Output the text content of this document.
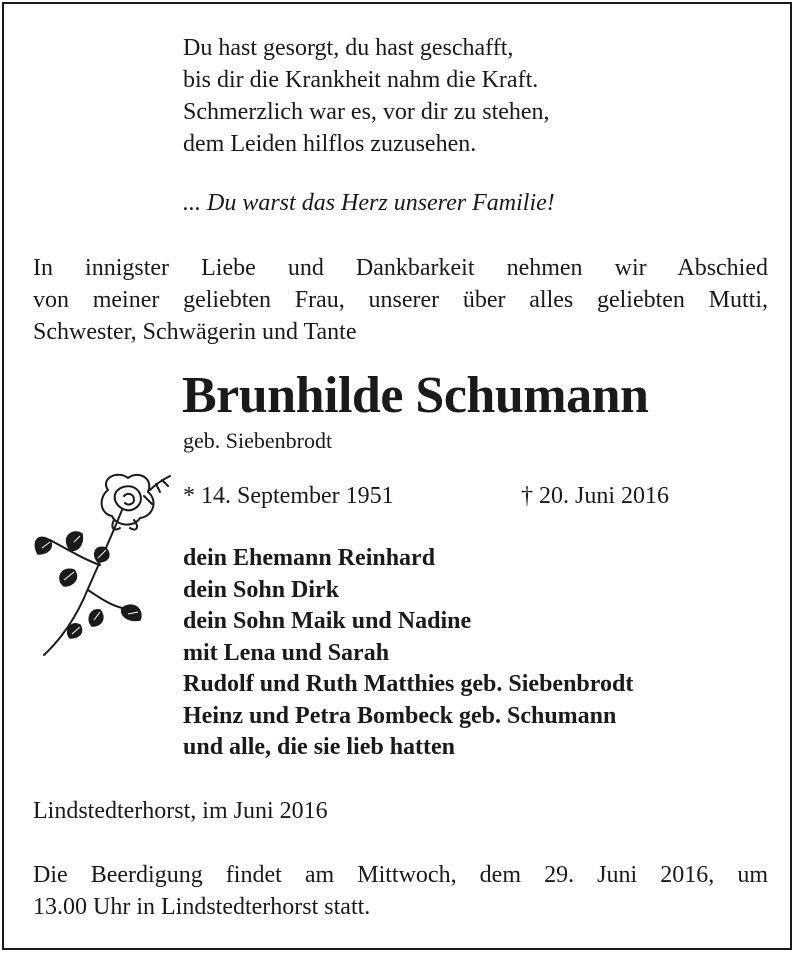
Du hast gesorgt, du hast geschafft,
bis dir die Krankheit nahm die Kraft.
Schmerzlich war es, vor dir zu stehen,
dem Leiden hilflos zuzusehen.
... Du warst das Herz unserer Familie!
In innigster Liebe und Dankbarkeit nehmen wir Abschied
von meiner geliebten Frau, unserer über alles geliebten Mutti,
Schwester, Schwägerin und Tante
Brunhilde Schumann
geb. Siebenbrodt
* 14. September 1951	† 20. Juni 2016
dein Ehemann Reinhard
dein Sohn Dirk
dein Sohn Maik und Nadine
mit Lena und Sarah
Rudolf und Ruth Matthies geb. Siebenbrodt
Heinz und Petra Bombeck geb. Schumann
und alle, die sie lieb hatten
Lindstedterhorst, im Juni 2016
Die Beerdigung findet am Mittwoch, dem 29. Juni 2016, um
13.00 Uhr in Lindstedterhorst statt.
